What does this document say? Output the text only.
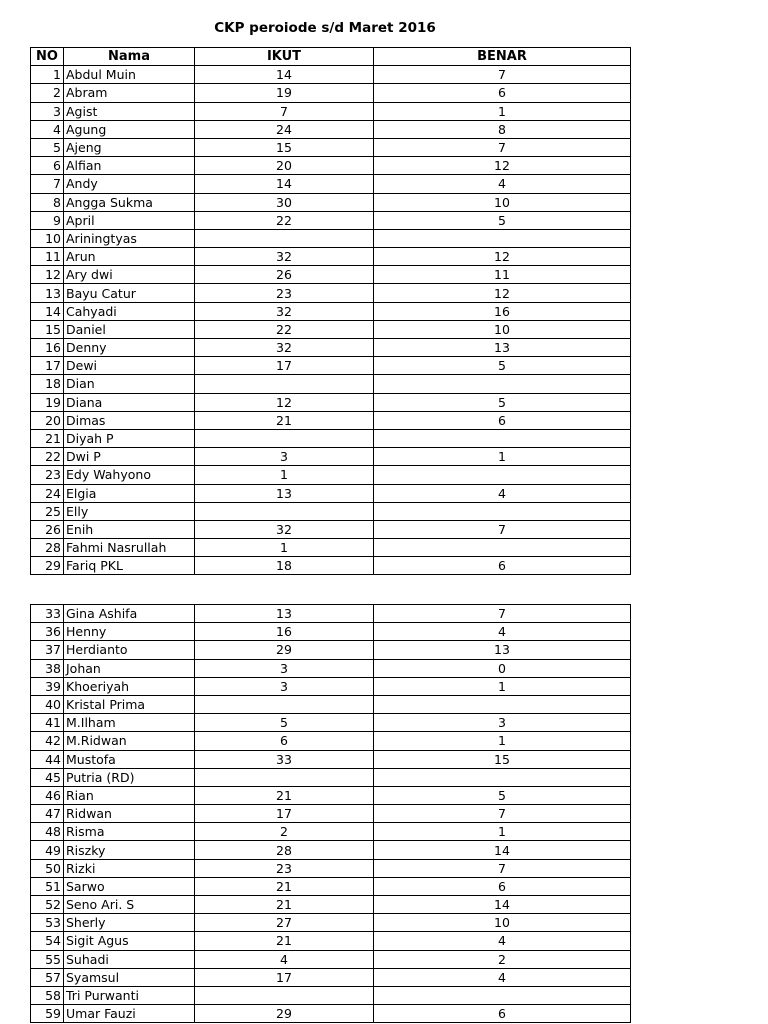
CKP peroiode s/d Maret 2016
NO	Nama	IKUT	BENAR
1	Abdul Muin	14	7
2	Abram	19	6
3	Agist	7	1
4	Agung	24	8
5	Ajeng	15	7
6	Alfian	20	12
7	Andy	14	4
8	Angga Sukma	30	10
9	April	22	5
10	Ariningtyas		
11	Arun	32	12
12	Ary dwi	26	11
13	Bayu Catur	23	12
14	Cahyadi	32	16
15	Daniel	22	10
16	Denny	32	13
17	Dewi	17	5
18	Dian		
19	Diana	12	5
20	Dimas	21	6
21	Diyah P		
22	Dwi P	3	1
23	Edy Wahyono	1	
24	Elgia	13	4
25	Elly		
26	Enih	32	7
28	Fahmi Nasrullah	1	
29	Fariq PKL	18	6
33	Gina Ashifa	13	7
36	Henny	16	4
37	Herdianto	29	13
38	Johan	3	0
39	Khoeriyah	3	1
40	Kristal Prima		
41	M.Ilham	5	3
42	M.Ridwan	6	1
44	Mustofa	33	15
45	Putria (RD)		
46	Rian	21	5
47	Ridwan	17	7
48	Risma	2	1
49	Riszky	28	14
50	Rizki	23	7
51	Sarwo	21	6
52	Seno Ari. S	21	14
53	Sherly	27	10
54	Sigit Agus	21	4
55	Suhadi	4	2
57	Syamsul	17	4
58	Tri Purwanti		
59	Umar Fauzi	29	6
